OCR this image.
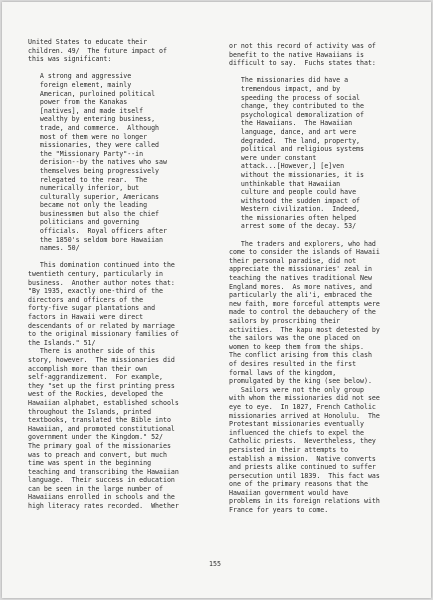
United States to educate their
children. 49/  The future impact of
this was significant:
A strong and aggressive
foreign element, mainly
American, purloined political
power from the Kanakas
[natives], and made itself
wealthy by entering business,
trade, and commerce.  Although
most of them were no longer
missionaries, they were called
the "Missionary Party"--in
derision--by the natives who saw
themselves being progressively
relegated to the rear.  The
numerically inferior, but
culturally superior, Americans
became not only the leading
businessmen but also the chief
politicians and governing
officials.  Royal officers after
the 1850's seldom bore Hawaiian
names. 50/
This domination continued into the
twentieth century, particularly in
business.  Another author notes that:
"By 1935, exactly one-third of the
directors and officers of the
forty-five sugar plantations and
factors in Hawaii were direct
descendants of or related by marriage
to the original missionary families of
the Islands." 51/
There is another side of this
story, however.  The missionaries did
accomplish more than their own
self-aggrandizement.  For example,
they "set up the first printing press
west of the Rockies, developed the
Hawaiian alphabet, established schools
throughout the Islands, printed
textbooks, translated the Bible into
Hawaiian, and promoted constitutional
government under the Kingdom." 52/
The primary goal of the missionaries
was to preach and convert, but much
time was spent in the beginning
teaching and transcribing the Hawaiian
language.  Their success in education
can be seen in the large number of
Hawaiians enrolled in schools and the
high literacy rates recorded.  Whether
or not this record of activity was of
benefit to the native Hawaiians is
difficult to say.  Fuchs states that:
The missionaries did have a
tremendous impact, and by
speeding the process of social
change, they contributed to the
psychological demoralization of
the Hawaiians.  The Hawaiian
language, dance, and art were
degraded.  The land, property,
political and religious systems
were under constant
attack...[However,] [e]ven
without the missionaries, it is
unthinkable that Hawaiian
culture and people could have
withstood the sudden impact of
Western civilization.  Indeed,
the missionaries often helped
arrest some of the decay. 53/
The traders and explorers, who had
come to consider the islands of Hawaii
their personal paradise, did not
appreciate the missionaries' zeal in
teaching the natives traditional New
England mores.  As more natives, and
particularly the ali'i, embraced the
new faith, more forceful attempts were
made to control the debauchery of the
sailors by proscribing their
activities.  The kapu most detested by
the sailors was the one placed on
women to keep them from the ships.
The conflict arising from this clash
of desires resulted in the first
formal laws of the kingdom,
promulgated by the king (see below).
Sailors were not the only group
with whom the missionaries did not see
eye to eye.  In 1827, French Catholic
missionaries arrived at Honolulu.  The
Protestant missionaries eventually
influenced the chiefs to expel the
Catholic priests.  Nevertheless, they
persisted in their attempts to
establish a mission.  Native converts
and priests alike continued to suffer
persecution until 1839.  This fact was
one of the primary reasons that the
Hawaiian government would have
problems in its foreign relations with
France for years to come.
155
